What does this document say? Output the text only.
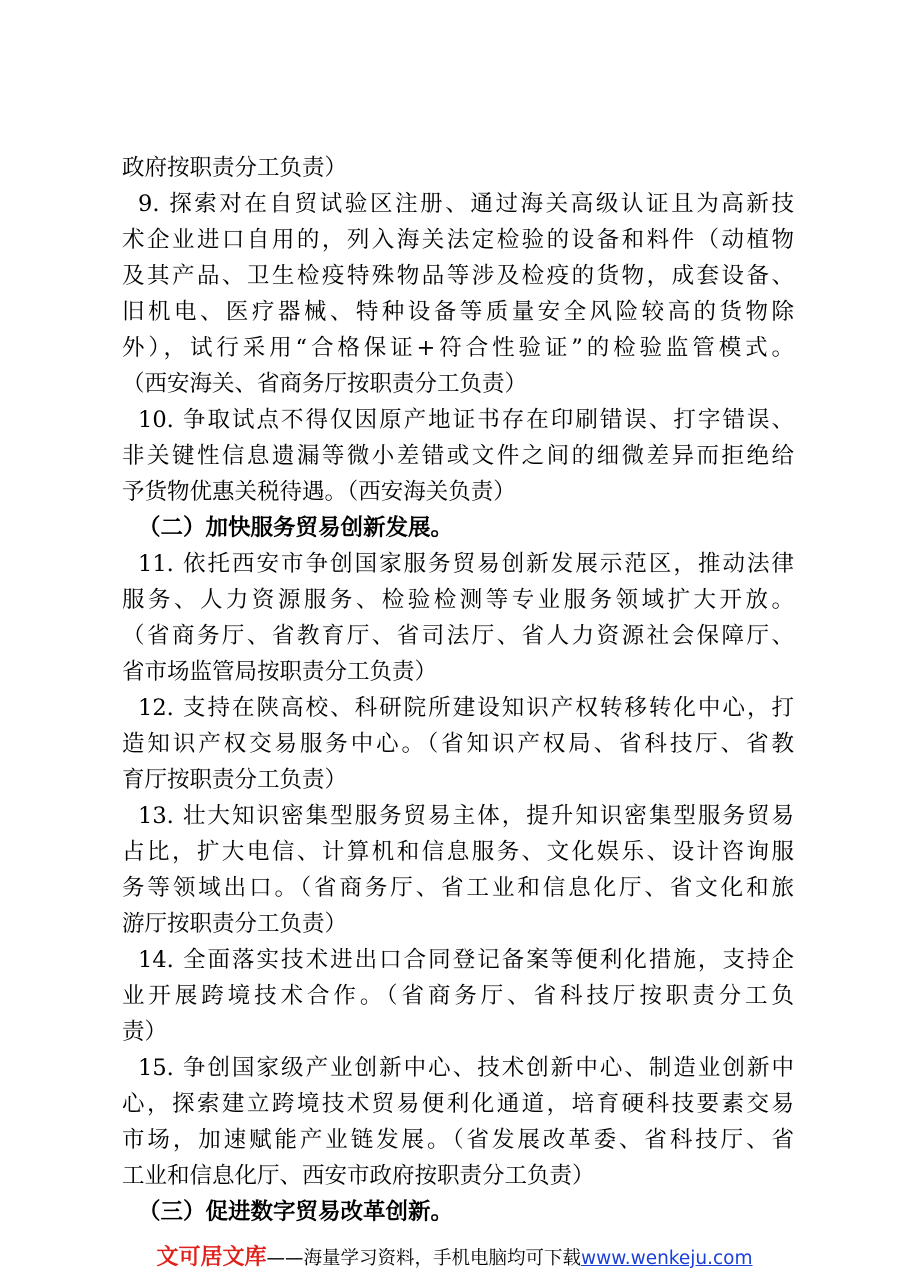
政府按职责分工负责）
9. 探索对在自贸试验区注册、通过海关高级认证且为高新技
术企业进口自用的，列入海关法定检验的设备和料件（动植物
及其产品、卫生检疫特殊物品等涉及检疫的货物，成套设备、
旧机电、医疗器械、特种设备等质量安全风险较高的货物除
外），试行采用“合格保证+符合性验证”的检验监管模式。
（西安海关、省商务厅按职责分工负责）
10. 争取试点不得仅因原产地证书存在印刷错误、打字错误、
非关键性信息遗漏等微小差错或文件之间的细微差异而拒绝给
予货物优惠关税待遇。（西安海关负责）
（二）加快服务贸易创新发展。
11. 依托西安市争创国家服务贸易创新发展示范区，推动法律
服务、人力资源服务、检验检测等专业服务领域扩大开放。
（省商务厅、省教育厅、省司法厅、省人力资源社会保障厅、
省市场监管局按职责分工负责）
12. 支持在陕高校、科研院所建设知识产权转移转化中心，打
造知识产权交易服务中心。（省知识产权局、省科技厅、省教
育厅按职责分工负责）
13. 壮大知识密集型服务贸易主体，提升知识密集型服务贸易
占比，扩大电信、计算机和信息服务、文化娱乐、设计咨询服
务等领域出口。（省商务厅、省工业和信息化厅、省文化和旅
游厅按职责分工负责）
14. 全面落实技术进出口合同登记备案等便利化措施，支持企
业开展跨境技术合作。（省商务厅、省科技厅按职责分工负
责）
15. 争创国家级产业创新中心、技术创新中心、制造业创新中
心，探索建立跨境技术贸易便利化通道，培育硬科技要素交易
市场，加速赋能产业链发展。（省发展改革委、省科技厅、省
工业和信息化厅、西安市政府按职责分工负责）
（三）促进数字贸易改革创新。
文可居文库——海量学习资料，手机电脑均可下载www.wenkeju.com
